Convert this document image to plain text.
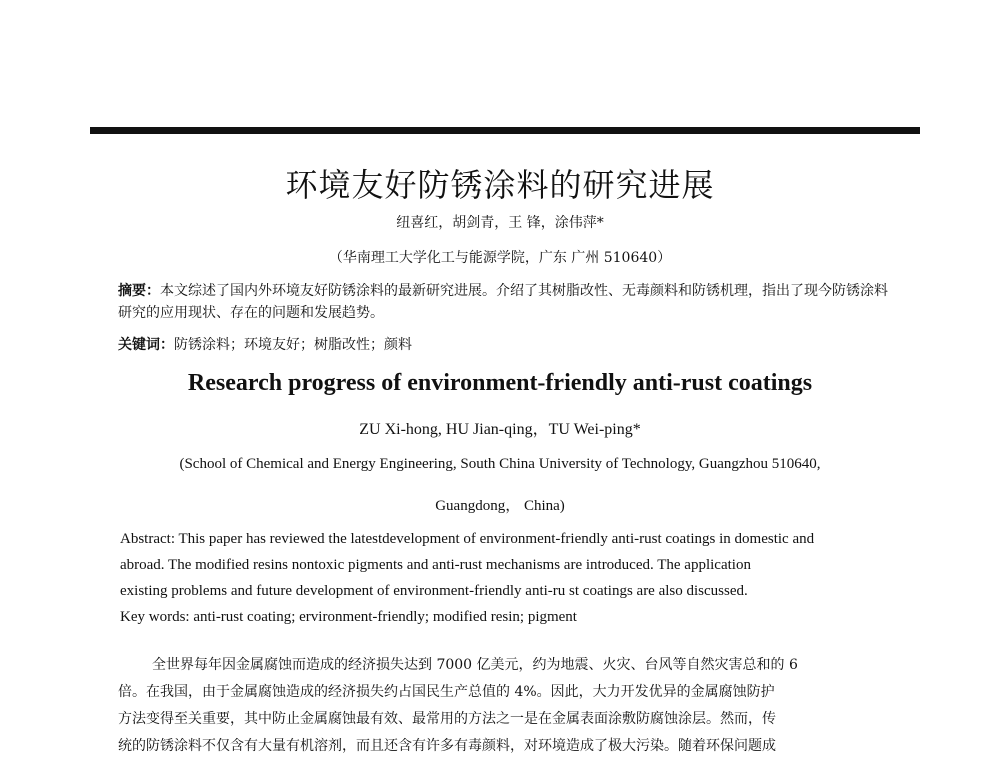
环境友好防锈涂料的研究进展
纽喜红，胡剑青，王 锋，涂伟萍*
（华南理工大学化工与能源学院，广东 广州 510640）
摘要：本文综述了国内外环境友好防锈涂料的最新研究进展。介绍了其树脂改性、无毒颜料和防锈机理，指出了现今防锈涂料研究的应用现状、存在的问题和发展趋势。
关键词：防锈涂料；环境友好；树脂改性；颜料
Research progress of environment-friendly anti-rust coatings
ZU Xi-hong, HU Jian-qing，TU Wei-ping*
(School of Chemical and Energy Engineering, South China University of Technology, Guangzhou 510640,
Guangdong， China)

Abstract: This paper has reviewed the latestdevelopment of environment-friendly anti-rust coatings in domestic and

abroad. The modified resins nontoxic pigments and anti-rust mechanisms are introduced. The application

existing problems and future development of environment-friendly anti-ru st coatings are also discussed.

Key words: anti-rust coating; ervironment-friendly; modified resin; pigment

全世界每年因金属腐蚀而造成的经济损失达到 7000 亿美元，约为地震、火灾、台风等自然灾害总和的 6

倍。在我国，由于金属腐蚀造成的经济损失约占国民生产总值的 4%。因此，大力开发优异的金属腐蚀防护

方法变得至关重要，其中防止金属腐蚀最有效、最常用的方法之一是在金属表面涂敷防腐蚀涂层。然而，传

统的防锈涂料不仅含有大量有机溶剂，而且还含有许多有毒颜料，对环境造成了极大污染。随着环保问题成
